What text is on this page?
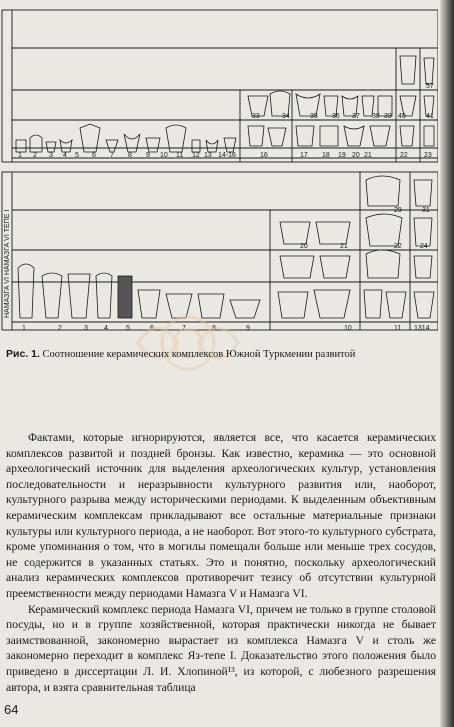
1 2 3 4 5 6 7 8 9 10 11 12 13 14-16	16	17 18 19 20 21	22 23
33	34	35 36 37 38 39 40	41
57
1	2	3 4	5	6	7	8	9	10	11 1314
20	21	22	24
29	31
НАМАЗГА VI НАМАЗГА VI ТЕПЕ I
Рис. 1. Соотношение керамических комплексов Южной Туркмении развитой

Фактами, которые игнорируются, является все, что касается керамических комплексов развитой и поздней бронзы. Как известно, керамика — это основной археологический источник для выделения археологических культур, установления последовательности и неразрывности культурного развития или, наоборот, культурного разрыва между историческими периодами. К выделенным объективным керамическим комплексам прикладывают все остальные материальные признаки культуры или культурного периода, а не наоборот. Вот этого-то культурного субстрата, кроме упоминания о том, что в могилы помещали больше или меньше трех сосудов, не содержится в указанных статьях. Это и понятно, поскольку археологический анализ керамических комплексов противоречит тезису об отсутствии культурной преемственности между периодами Намазга V и Намазга VI.

Керамический комплекс периода Намазга VI, причем не только в группе столовой посуды, но и в группе хозяйственной, которая практически никогда не бывает заимствованной, закономерно вырастает из комплекса Намазга V и столь же закономерно переходит в комплекс Яз-тепе I. Доказательство этого положения было приведено в диссертации Л. И. Хлопиной¹³, из которой, с любезного разрешения автора, и взята сравнительная таблица

64
